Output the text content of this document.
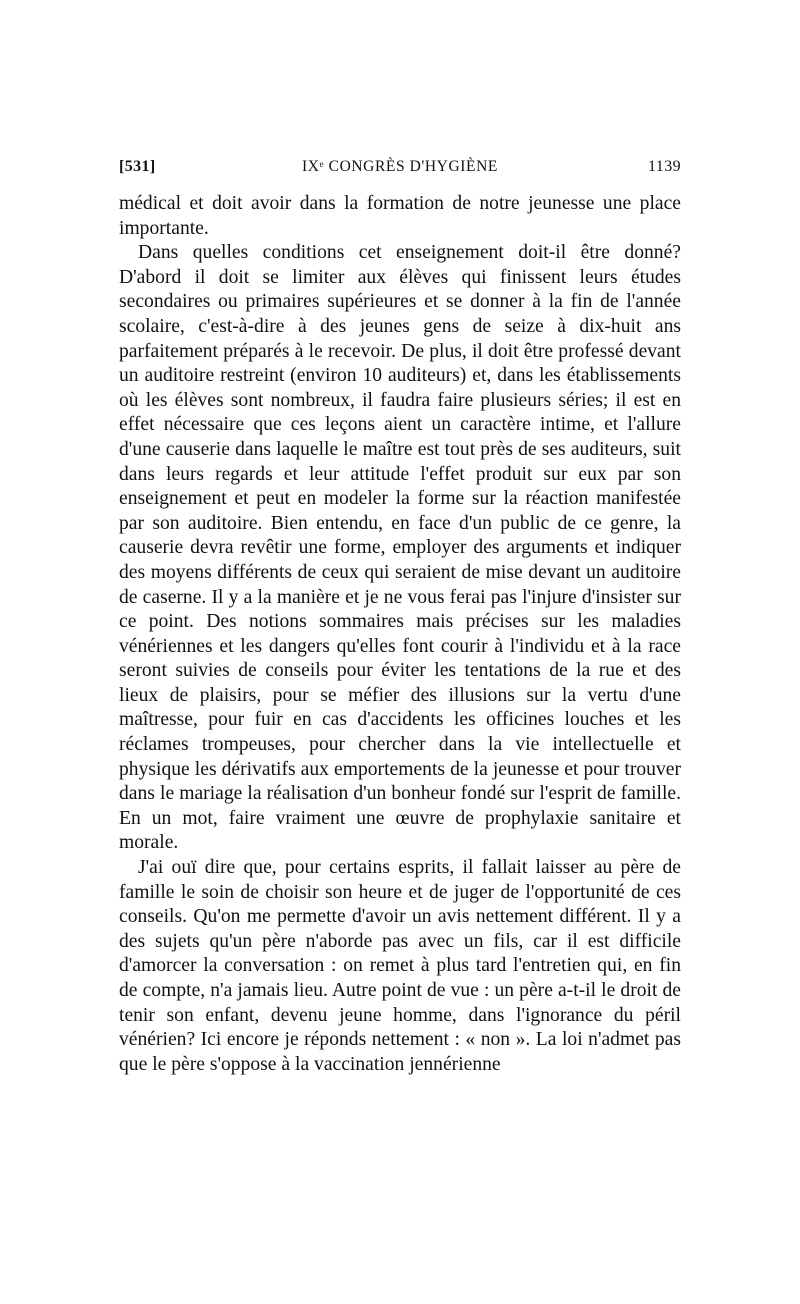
[531]	IXᵉ CONGRÈS D'HYGIÈNE	1139

médical et doit avoir dans la formation de notre jeunesse une place importante.

Dans quelles conditions cet enseignement doit-il être donné? D'abord il doit se limiter aux élèves qui finissent leurs études secondaires ou primaires supérieures et se donner à la fin de l'année scolaire, c'est-à-dire à des jeunes gens de seize à dix-huit ans parfaitement préparés à le recevoir. De plus, il doit être professé devant un auditoire restreint (environ 10 auditeurs) et, dans les établissements où les élèves sont nombreux, il faudra faire plusieurs séries; il est en effet nécessaire que ces leçons aient un caractère intime, et l'allure d'une causerie dans laquelle le maître est tout près de ses auditeurs, suit dans leurs regards et leur attitude l'effet produit sur eux par son enseignement et peut en modeler la forme sur la réaction manifestée par son auditoire. Bien entendu, en face d'un public de ce genre, la causerie devra revêtir une forme, employer des arguments et indiquer des moyens différents de ceux qui seraient de mise devant un auditoire de caserne. Il y a la manière et je ne vous ferai pas l'injure d'insister sur ce point. Des notions sommaires mais précises sur les maladies vénériennes et les dangers qu'elles font courir à l'individu et à la race seront suivies de conseils pour éviter les tentations de la rue et des lieux de plaisirs, pour se méfier des illusions sur la vertu d'une maîtresse, pour fuir en cas d'accidents les officines louches et les réclames trompeuses, pour chercher dans la vie intellectuelle et physique les dérivatifs aux emportements de la jeunesse et pour trouver dans le mariage la réalisation d'un bonheur fondé sur l'esprit de famille. En un mot, faire vraiment une œuvre de prophylaxie sanitaire et morale.

J'ai ouï dire que, pour certains esprits, il fallait laisser au père de famille le soin de choisir son heure et de juger de l'opportunité de ces conseils. Qu'on me permette d'avoir un avis nettement différent. Il y a des sujets qu'un père n'aborde pas avec un fils, car il est difficile d'amorcer la conversation : on remet à plus tard l'entretien qui, en fin de compte, n'a jamais lieu. Autre point de vue : un père a-t-il le droit de tenir son enfant, devenu jeune homme, dans l'ignorance du péril vénérien? Ici encore je réponds nettement : « non ». La loi n'admet pas que le père s'oppose à la vaccination jennérienne
